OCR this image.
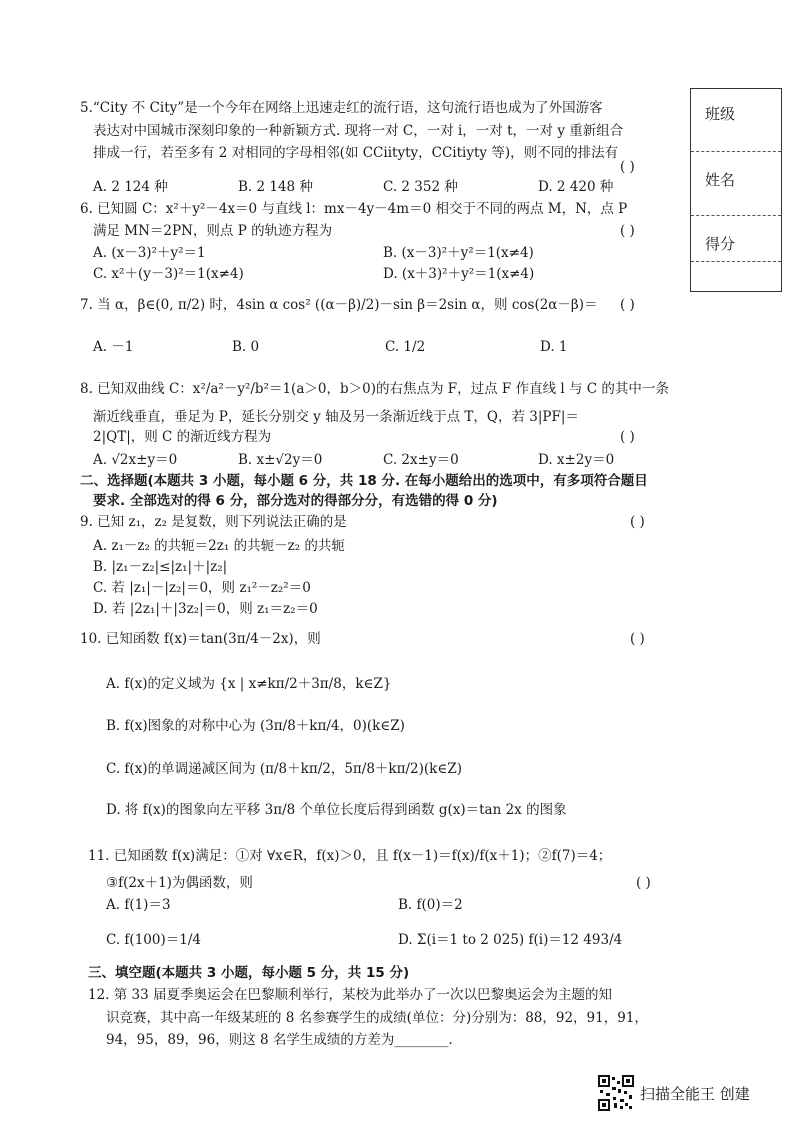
班级
姓名
得分
5.“City 不 City”是一个今年在网络上迅速走红的流行语，这句流行语也成为了外国游客
表达对中国城市深刻印象的一种新颖方式. 现将一对 C，一对 i，一对 t，一对 y 重新组合
排成一行，若至多有 2 对相同的字母相邻(如 CCiityty，CCitiyty 等)，则不同的排法有
( )
A. 2 124 种	B. 2 148 种	C. 2 352 种	D. 2 420 种
6. 已知圆 C：x²＋y²－4x＝0 与直线 l：mx－4y－4m＝0 相交于不同的两点 M，N，点 P
满足 MN＝2PN，则点 P 的轨迹方程为	( )
A. (x－3)²＋y²＝1	B. (x－3)²＋y²＝1(x≠4)
C. x²＋(y－3)²＝1(x≠4)	D. (x＋3)²＋y²＝1(x≠4)
7. 当 α，β∈(0, π/2) 时，4sin α cos² ((α－β)/2)－sin β＝2sin α，则 cos(2α－β)＝ ( )
A. －1	B. 0	C. 1/2	D. 1
8. 已知双曲线 C：x²/a²－y²/b²＝1(a＞0，b＞0)的右焦点为 F，过点 F 作直线 l 与 C 的其中一条
渐近线垂直，垂足为 P，延长分别交 y 轴及另一条渐近线于点 T，Q，若 3|PF|＝
2|QT|，则 C 的渐近线方程为	( )
A. √2x±y＝0	B. x±√2y＝0	C. 2x±y＝0	D. x±2y＝0
二、选择题(本题共 3 小题，每小题 6 分，共 18 分. 在每小题给出的选项中，有多项符合题目
要求. 全部选对的得 6 分，部分选对的得部分分，有选错的得 0 分)
9. 已知 z₁，z₂ 是复数，则下列说法正确的是	( )
A. z₁－z₂ 的共轭＝2z₁ 的共轭－z₂ 的共轭
B. |z₁－z₂|≤|z₁|＋|z₂|
C. 若 |z₁|－|z₂|＝0，则 z₁²－z₂²＝0
D. 若 |2z₁|＋|3z₂|＝0，则 z₁＝z₂＝0
10. 已知函数 f(x)＝tan(3π/4－2x)，则	( )
A. f(x)的定义域为 {x | x≠kπ/2＋3π/8，k∈Z}
B. f(x)图象的对称中心为 (3π/8＋kπ/4，0)(k∈Z)
C. f(x)的单调递减区间为 (π/8＋kπ/2，5π/8＋kπ/2)(k∈Z)
D. 将 f(x)的图象向左平移 3π/8 个单位长度后得到函数 g(x)＝tan 2x 的图象
11. 已知函数 f(x)满足：①对 ∀x∈R，f(x)＞0，且 f(x－1)＝f(x)/f(x＋1)；②f(7)＝4；
③f(2x＋1)为偶函数，则	( )
A. f(1)＝3	B. f(0)＝2
C. f(100)＝1/4	D. Σ(i＝1 to 2 025) f(i)＝12 493/4
三、填空题(本题共 3 小题，每小题 5 分，共 15 分)
12. 第 33 届夏季奥运会在巴黎顺利举行，某校为此举办了一次以巴黎奥运会为主题的知
识竞赛，其中高一年级某班的 8 名参赛学生的成绩(单位：分)分别为：88，92，91，91，
94，95，89，96，则这 8 名学生成绩的方差为________.
扫描全能王 创建
